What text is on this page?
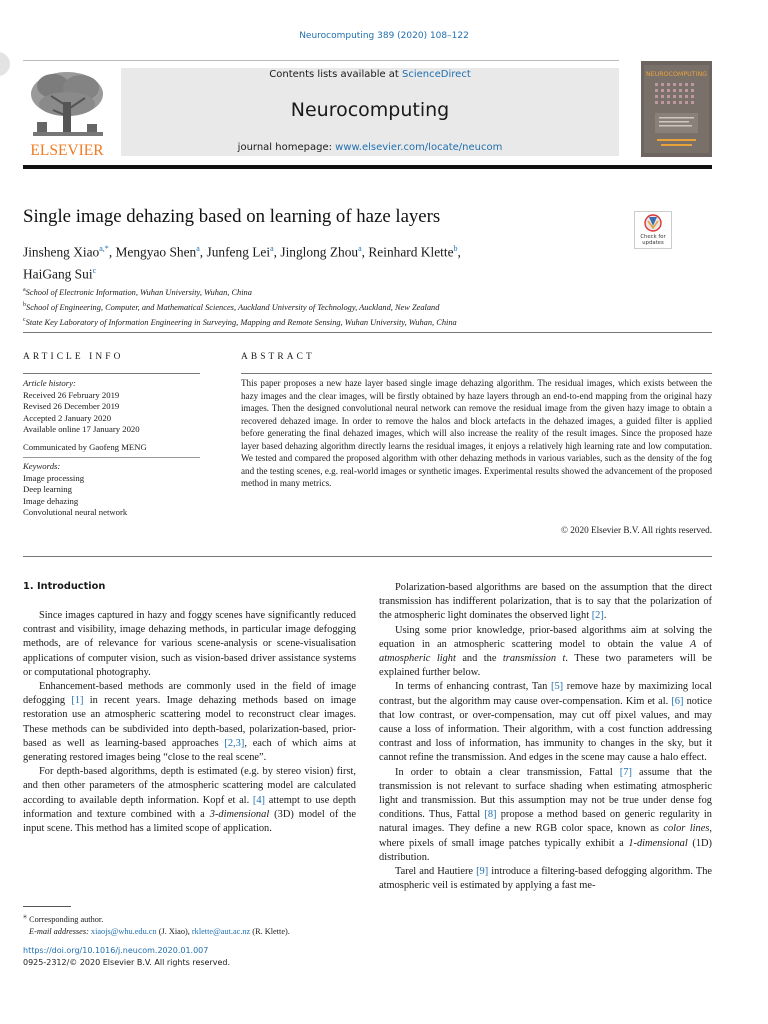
Neurocomputing 389 (2020) 108–122
ELSEVIER
Contents lists available at ScienceDirect
Neurocomputing
journal homepage: www.elsevier.com/locate/neucom
NEUROCOMPUTING
Single image dehazing based on learning of haze layers
Check for
updates
Jinsheng Xiao$^{a,*}$, Mengyao Shen$^a$, Junfeng Lei$^a$, Jinglong Zhou$^a$, Reinhard Klette$^b$,
HaiGang Sui$^c$
$^a$School of Electronic Information, Wuhan University, Wuhan, China
$^b$School of Engineering, Computer, and Mathematical Sciences, Auckland University of Technology, Auckland, New Zealand
$^c$State Key Laboratory of Information Engineering in Surveying, Mapping and Remote Sensing, Wuhan University, Wuhan, China
ARTICLE INFO	ABSTRACT
Article history:
Received 26 February 2019
Revised 26 December 2019
Accepted 2 January 2020
Available online 17 January 2020
Communicated by Gaofeng MENG
Keywords:
Image processing
Deep learning
Image dehazing
Convolutional neural network
This paper proposes a new haze layer based single image dehazing algorithm. The residual images, which exists between the hazy images and the clear images, will be firstly obtained by haze layers through an end-to-end mapping from the original hazy images. Then the designed convolutional neural network can remove the residual image from the given hazy image to obtain a recovered dehazed image. In order to remove the halos and block artefacts in the dehazed images, a guided filter is applied before generating the final dehazed images, which will also increase the reality of the result images. Since the proposed haze layer based dehazing algorithm directly learns the residual images, it enjoys a relatively high learning rate and low computation. We tested and compared the proposed algorithm with other dehazing methods in various variables, such as the density of the fog and the testing scenes, e.g. real-world images or synthetic images. Experimental results showed the advancement of the proposed method in many metrics.
© 2020 Elsevier B.V. All rights reserved.
1. Introduction

Since images captured in hazy and foggy scenes have significantly reduced contrast and visibility, image dehazing methods, in particular image defogging methods, are of relevance for various scene-analysis or scene-visualisation applications of computer vision, such as vision-based driver assistance systems or computational photography.

Enhancement-based methods are commonly used in the field of image defogging [1] in recent years. Image dehazing methods based on image restoration use an atmospheric scattering model to reconstruct clear images. These methods can be subdivided into depth-based, polarization-based, prior-based as well as learning-based approaches [2,3], each of which aims at generating restored images being “close to the real scene”.

For depth-based algorithms, depth is estimated (e.g. by stereo vision) first, and then other parameters of the atmospheric scattering model are calculated according to available depth information. Kopf et al. [4] attempt to use depth information and texture combined with a 3-dimensional (3D) model of the input scene. This method has a limited scope of application.

Polarization-based algorithms are based on the assumption that the direct transmission has indifferent polarization, that is to say that the polarization of the atmospheric light dominates the observed light [2].

Using some prior knowledge, prior-based algorithms aim at solving the equation in an atmospheric scattering model to obtain the value A of atmospheric light and the transmission t. These two parameters will be explained further below.

In terms of enhancing contrast, Tan [5] remove haze by maximizing local contrast, but the algorithm may cause over-compensation. Kim et al. [6] notice that low contrast, or over-compensation, may cut off pixel values, and may cause a loss of information. Their algorithm, with a cost function addressing contrast and loss of information, has immunity to changes in the sky, but it cannot refine the transmission. And edges in the scene may cause a halo effect.

In order to obtain a clear transmission, Fattal [7] assume that the transmission is not relevant to surface shading when estimating atmospheric light and transmission. But this assumption may not be true under dense fog conditions. Thus, Fattal [8] propose a method based on generic regularity in natural images. They define a new RGB color space, known as color lines, where pixels of small image patches typically exhibit a 1-dimensional (1D) distribution.

Tarel and Hautiere [9] introduce a filtering-based defogging algorithm. The atmospheric veil is estimated by applying a fast me-

⁎ Corresponding author.
E-mail addresses: xiaojs@whu.edu.cn (J. Xiao), rklette@aut.ac.nz (R. Klette).
https://doi.org/10.1016/j.neucom.2020.01.007
0925-2312/© 2020 Elsevier B.V. All rights reserved.
